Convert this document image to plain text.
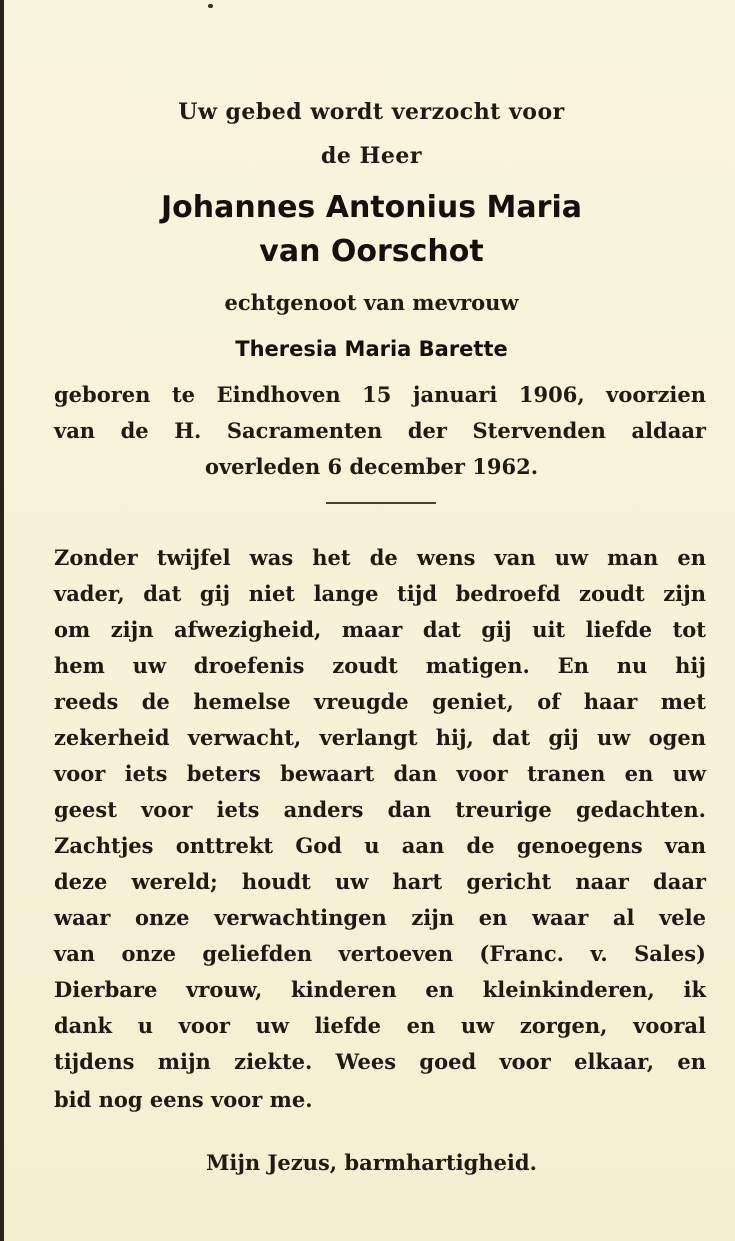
Uw gebed wordt verzocht voor
de Heer
Johannes Antonius Maria
van Oorschot
echtgenoot van mevrouw
Theresia Maria Barette
geboren te Eindhoven 15 januari 1906, voorzien
van de H. Sacramenten der Stervenden aldaar
overleden 6 december 1962.
Zonder twijfel was het de wens van uw man en
vader, dat gij niet lange tijd bedroefd zoudt zijn
om zijn afwezigheid, maar dat gij uit liefde tot
hem uw droefenis zoudt matigen. En nu hij
reeds de hemelse vreugde geniet, of haar met
zekerheid verwacht, verlangt hij, dat gij uw ogen
voor iets beters bewaart dan voor tranen en uw
geest voor iets anders dan treurige gedachten.
Zachtjes onttrekt God u aan de genoegens van
deze wereld; houdt uw hart gericht naar daar
waar onze verwachtingen zijn en waar al vele
van onze geliefden vertoeven (Franc. v. Sales)
Dierbare vrouw, kinderen en kleinkinderen, ik
dank u voor uw liefde en uw zorgen, vooral
tijdens mijn ziekte. Wees goed voor elkaar, en
bid nog eens voor me.
Mijn Jezus, barmhartigheid.
